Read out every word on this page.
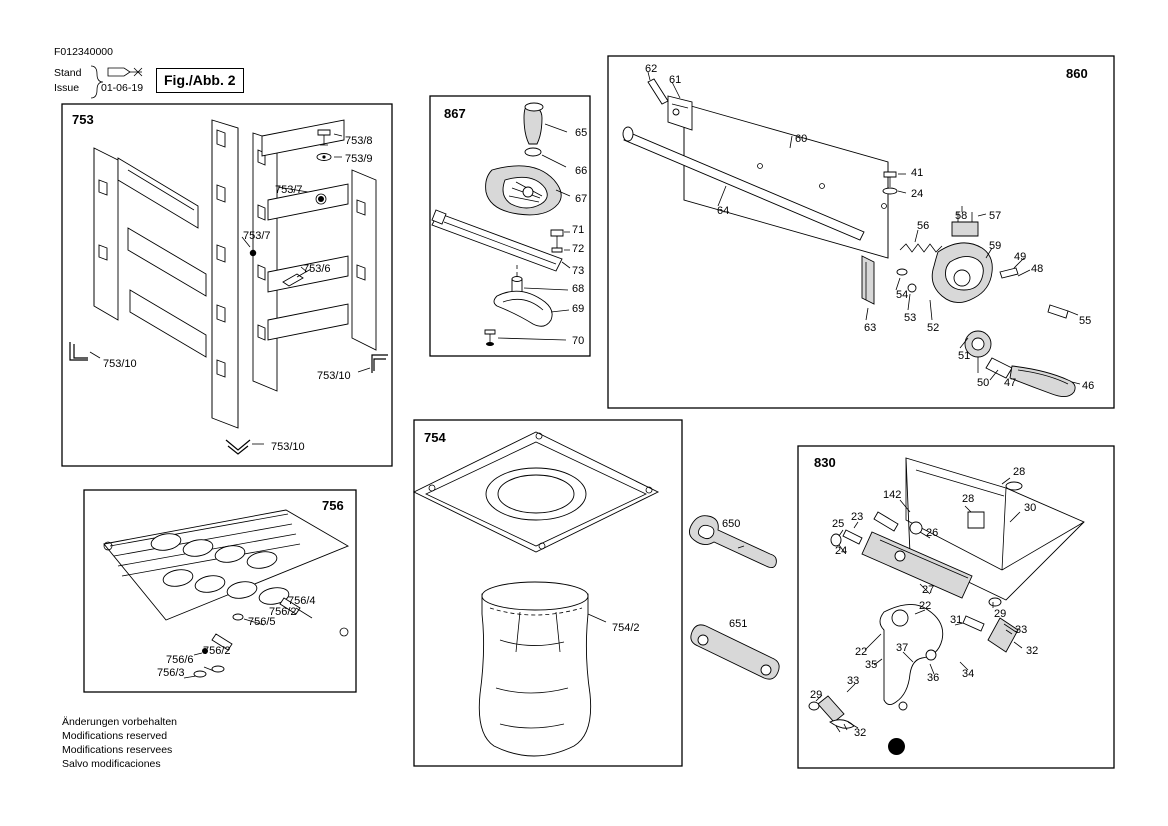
F012340000
Stand
Issue 01-06-19	Fig./Abb. 2
753	867
860
756
754
830
753/8
753/9
753/7
753/7
753/6
753/10
753/10
753/10
65
66
67
71
72
73
68
69
70
62
61
60
41
24
64
56
58 57
59
49
48
54
63
53
52
55
51
50 47	46
756/4
756/2
756/5
756/6
756/2
756/3
650
651
754/2
28
142	28
30
25
23
26
24
27
29
22
22
31
33
32
35
37
36 34
29
33
32
Änderungen vorbehalten
Modifications reserved
Modifications reservees
Salvo modificaciones
